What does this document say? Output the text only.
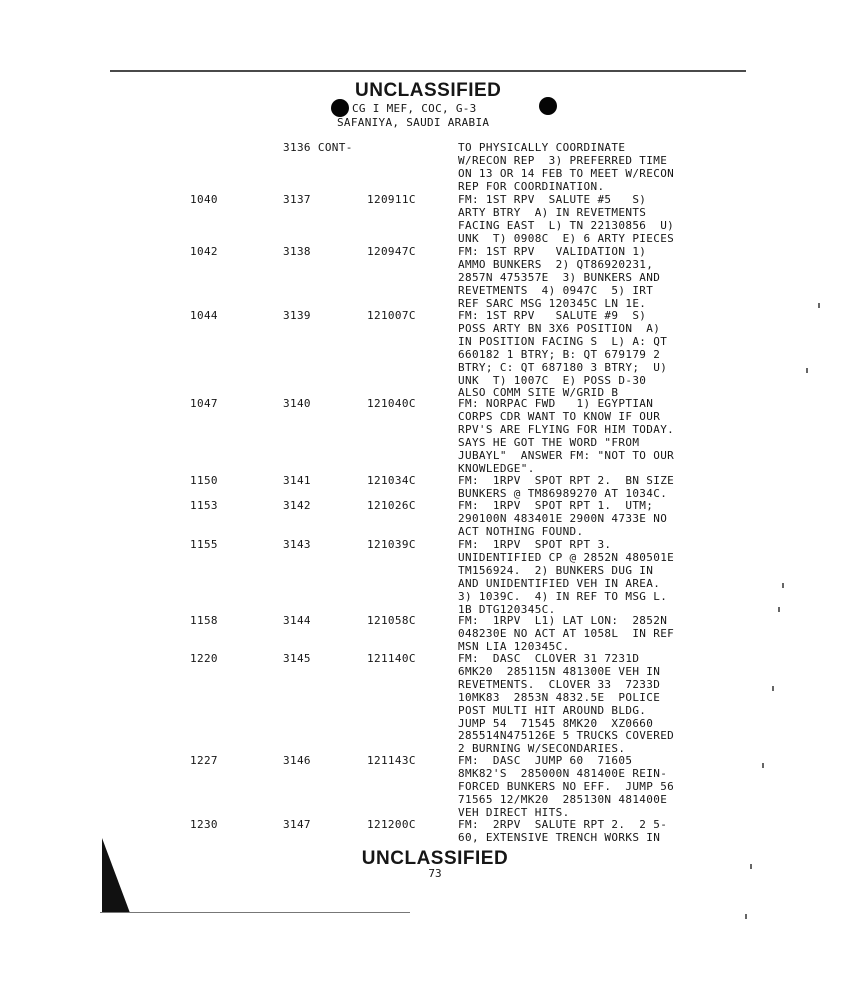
UNCLASSIFIED
CG I MEF, COC, G-3
SAFANIYA, SAUDI ARABIA
3136 CONT-	TO PHYSICALLY COORDINATE
W/RECON REP  3) PREFERRED TIME
ON 13 OR 14 FEB TO MEET W/RECON
REP FOR COORDINATION.
1040	3137	120911C	FM: 1ST RPV  SALUTE #5   S)
ARTY BTRY  A) IN REVETMENTS
FACING EAST  L) TN 22130856  U)
UNK  T) 0908C  E) 6 ARTY PIECES
1042	3138	120947C	FM: 1ST RPV   VALIDATION 1)
AMMO BUNKERS  2) QT86920231,
2857N 475357E  3) BUNKERS AND
REVETMENTS  4) 0947C  5) IRT
REF SARC MSG 120345C LN 1E.
1044	3139	121007C	FM: 1ST RPV   SALUTE #9  S)
POSS ARTY BN 3X6 POSITION  A)
IN POSITION FACING S  L) A: QT
660182 1 BTRY; B: QT 679179 2
BTRY; C: QT 687180 3 BTRY;  U)
UNK  T) 1007C  E) POSS D-30
ALSO COMM SITE W/GRID B
1047	3140	121040C	FM: NORPAC FWD   1) EGYPTIAN
CORPS CDR WANT TO KNOW IF OUR
RPV'S ARE FLYING FOR HIM TODAY.
SAYS HE GOT THE WORD "FROM
JUBAYL"  ANSWER FM: "NOT TO OUR
KNOWLEDGE".
1150	3141	121034C	FM:  1RPV  SPOT RPT 2.  BN SIZE
BUNKERS @ TM86989270 AT 1034C.
1153	3142	121026C	FM:  1RPV  SPOT RPT 1.  UTM;
290100N 483401E 2900N 4733E NO
ACT NOTHING FOUND.
1155	3143	121039C	FM:  1RPV  SPOT RPT 3.
UNIDENTIFIED CP @ 2852N 480501E
TM156924.  2) BUNKERS DUG IN
AND UNIDENTIFIED VEH IN AREA.
3) 1039C.  4) IN REF TO MSG L.
1B DTG120345C.
1158	3144	121058C	FM:  1RPV  L1) LAT LON:  2852N
048230E NO ACT AT 1058L  IN REF
MSN LIA 120345C.
1220	3145	121140C	FM:  DASC  CLOVER 31 7231D
6MK20  285115N 481300E VEH IN
REVETMENTS.  CLOVER 33  7233D
10MK83  2853N 4832.5E  POLICE
POST MULTI HIT AROUND BLDG.
JUMP 54  71545 8MK20  XZ0660
285514N475126E 5 TRUCKS COVERED
2 BURNING W/SECONDARIES.
1227	3146	121143C	FM:  DASC  JUMP 60  71605
8MK82'S  285000N 481400E REIN-
FORCED BUNKERS NO EFF.  JUMP 56
71565 12/MK20  285130N 481400E
VEH DIRECT HITS.
1230	3147	121200C	FM:  2RPV  SALUTE RPT 2.  2 5-
60, EXTENSIVE TRENCH WORKS IN
UNCLASSIFIED
73
